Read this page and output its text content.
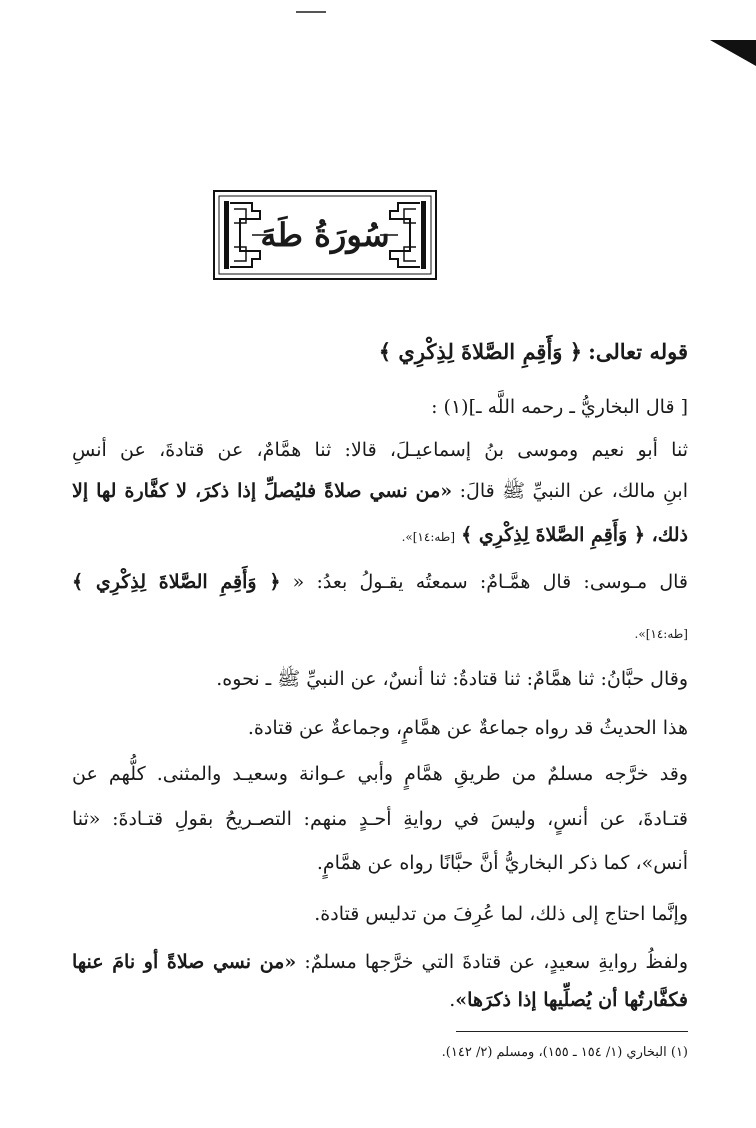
سُورَةُ طَهَ
قوله تعالى: ﴿ وَأَقِمِ الصَّلاةَ لِذِكْرِي ﴾
[ قال البخاريُّ ـ رحمه اللَّه ـ](١) :
ثنا أبو نعيم وموسى بنُ إسماعيـلَ، قالا: ثنا همَّامٌ، عن قتادةَ، عن أنسِ
ابنِ مالك، عن النبيِّ ﷺ قالَ: «من نسي صلاةً فليُصلِّ إذا ذكرَ، لا كفَّارة لها إلا
ذلك، ﴿ وَأَقِمِ الصَّلاةَ لِذِكْرِي ﴾ [طه:١٤]».
قال مـوسى: قال همَّـامٌ: سمعتُه يقـولُ بعدُ: « ﴿ وَأَقِمِ الصَّلاةَ لِذِكْرِي ﴾
[طه:١٤]».
وقال حبَّانُ: ثنا همَّامٌ: ثنا قتادةُ: ثنا أنسٌ، عن النبيِّ ﷺ ـ نحوه.
هذا الحديثُ قد رواه جماعةٌ عن همَّامٍ، وجماعةٌ عن قتادة.
وقد خرَّجه مسلمٌ من طريقِ همَّامٍ وأبي عـوانة وسعيـد والمثنى. كلُّهم عن
قتـادةَ، عن أنسٍ، وليسَ في روايةِ أحـدٍ منهم: التصـريحُ بقولِ قتـادةَ: «ثنا
أنس»، كما ذكر البخاريُّ أنَّ حبَّانًا رواه عن همَّامٍ.
وإنَّما احتاج إلى ذلك، لما عُرِفَ من تدليس قتادة.
ولفظُ روايةِ سعيدٍ، عن قتادةَ التي خرَّجها مسلمٌ: «من نسي صلاةً أو نامَ عنها
فكفَّارتُها أن يُصلِّيها إذا ذكرَها».
(١) البخاري (١/ ١٥٤ ـ ١٥٥)، ومسلم (٢/ ١٤٢).
